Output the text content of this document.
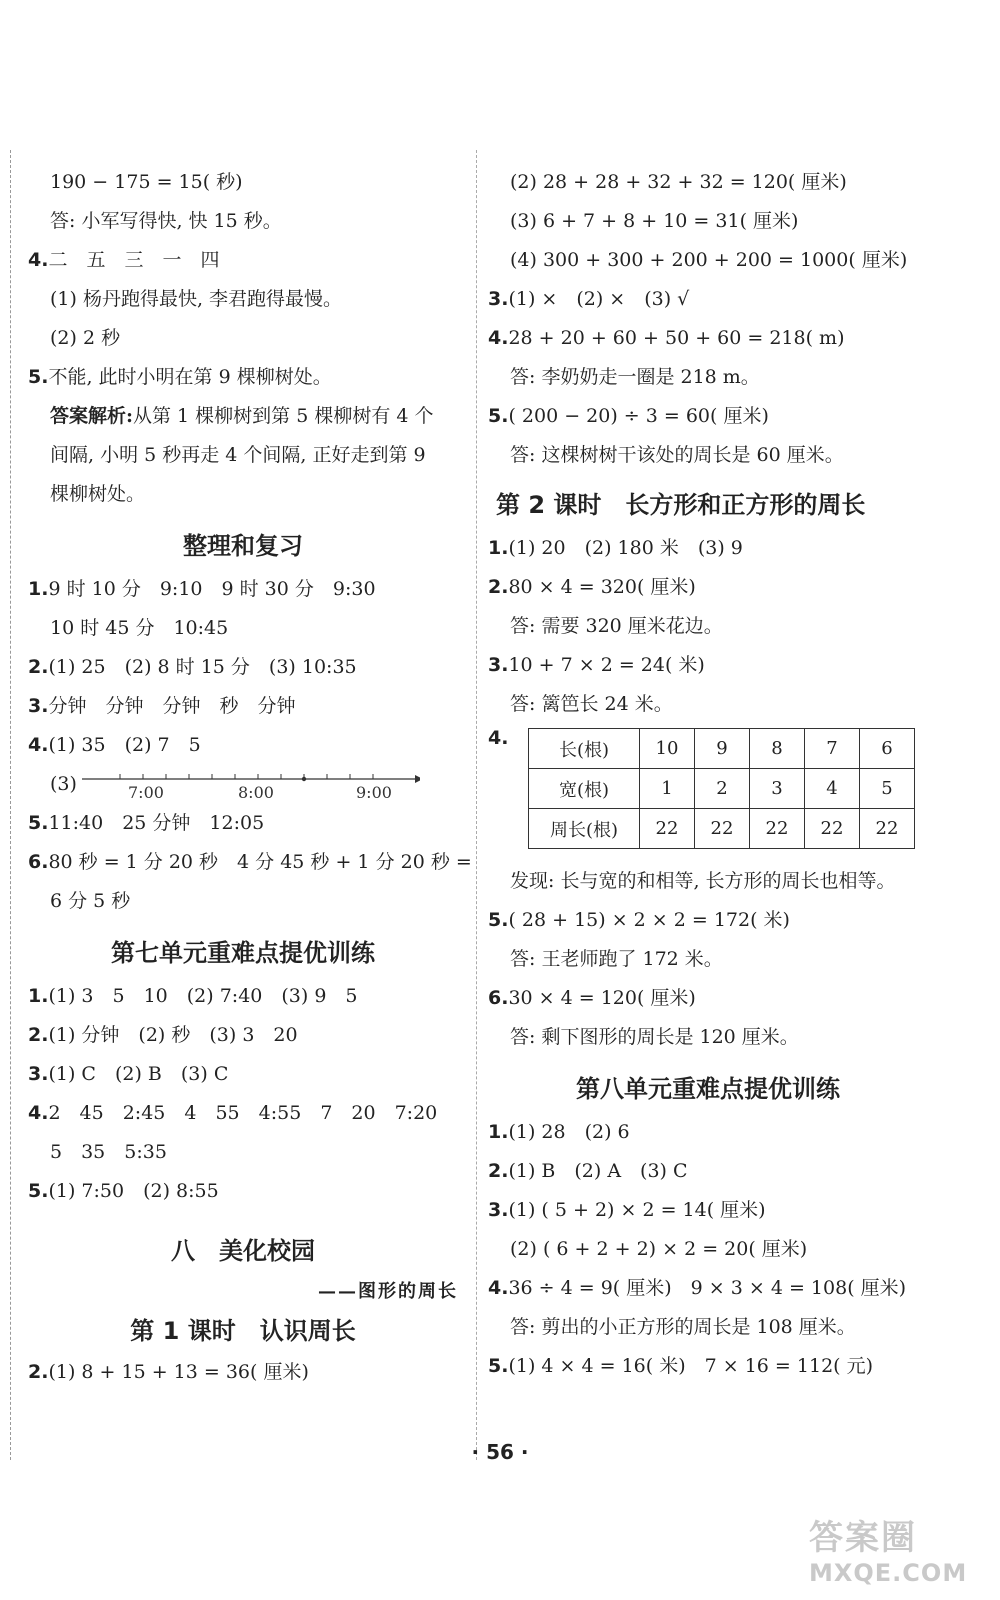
190 − 175 = 15( 秒)
答: 小军写得快, 快 15 秒。
4.二　五　三　一　四
(1) 杨丹跑得最快, 李君跑得最慢。
(2) 2 秒
5.不能, 此时小明在第 9 棵柳树处。
答案解析:从第 1 棵柳树到第 5 棵柳树有 4 个间隔, 小明 5 秒再走 4 个间隔, 正好走到第 9 棵柳树处。
整理和复习
1.9 时 10 分　9:10　9 时 30 分　9:30
10 时 45 分　10:45
2.(1) 25　(2) 8 时 15 分　(3) 10:35
3.分钟　分钟　分钟　秒　分钟
4.(1) 35　(2) 7　5
(3)	7:00	8:00	9:00
5.11:40　25 分钟　12:05
6.80 秒 = 1 分 20 秒　4 分 45 秒 + 1 分 20 秒 =
6 分 5 秒
第七单元重难点提优训练
1.(1) 3　5　10　(2) 7:40　(3) 9　5
2.(1) 分钟　(2) 秒　(3) 3　20
3.(1) C　(2) B　(3) C
4.2　45　2:45　4　55　4:55　7　20　7:20
5　35　5:35
5.(1) 7:50　(2) 8:55
八　美化校园
——图形的周长
第 1 课时　认识周长
2.(1) 8 + 15 + 13 = 36( 厘米)
(2) 28 + 28 + 32 + 32 = 120( 厘米)
(3) 6 + 7 + 8 + 10 = 31( 厘米)
(4) 300 + 300 + 200 + 200 = 1000( 厘米)
3.(1) ×　(2) ×　(3) √
4.28 + 20 + 60 + 50 + 60 = 218( m)
答: 李奶奶走一圈是 218 m。
5.( 200 − 20) ÷ 3 = 60( 厘米)
答: 这棵树树干该处的周长是 60 厘米。
第 2 课时　长方形和正方形的周长
1.(1) 20　(2) 180 米　(3) 9
2.80 × 4 = 320( 厘米)
答: 需要 320 厘米花边。
3.10 + 7 × 2 = 24( 米)
答: 篱笆长 24 米。
4.
长(根)	10	9	8	7	6
宽(根)	1	2	3	4	5
周长(根)	22	22	22	22	22
发现: 长与宽的和相等, 长方形的周长也相等。
5.( 28 + 15) × 2 × 2 = 172( 米)
答: 王老师跑了 172 米。
6.30 × 4 = 120( 厘米)
答: 剩下图形的周长是 120 厘米。
第八单元重难点提优训练
1.(1) 28　(2) 6
2.(1) B　(2) A　(3) C
3.(1) ( 5 + 2) × 2 = 14( 厘米)
(2) ( 6 + 2 + 2) × 2 = 20( 厘米)
4.36 ÷ 4 = 9( 厘米)　9 × 3 × 4 = 108( 厘米)
答: 剪出的小正方形的周长是 108 厘米。
5.(1) 4 × 4 = 16( 米)　7 × 16 = 112( 元)
· 56 ·
答案圈
MXQE.COM
